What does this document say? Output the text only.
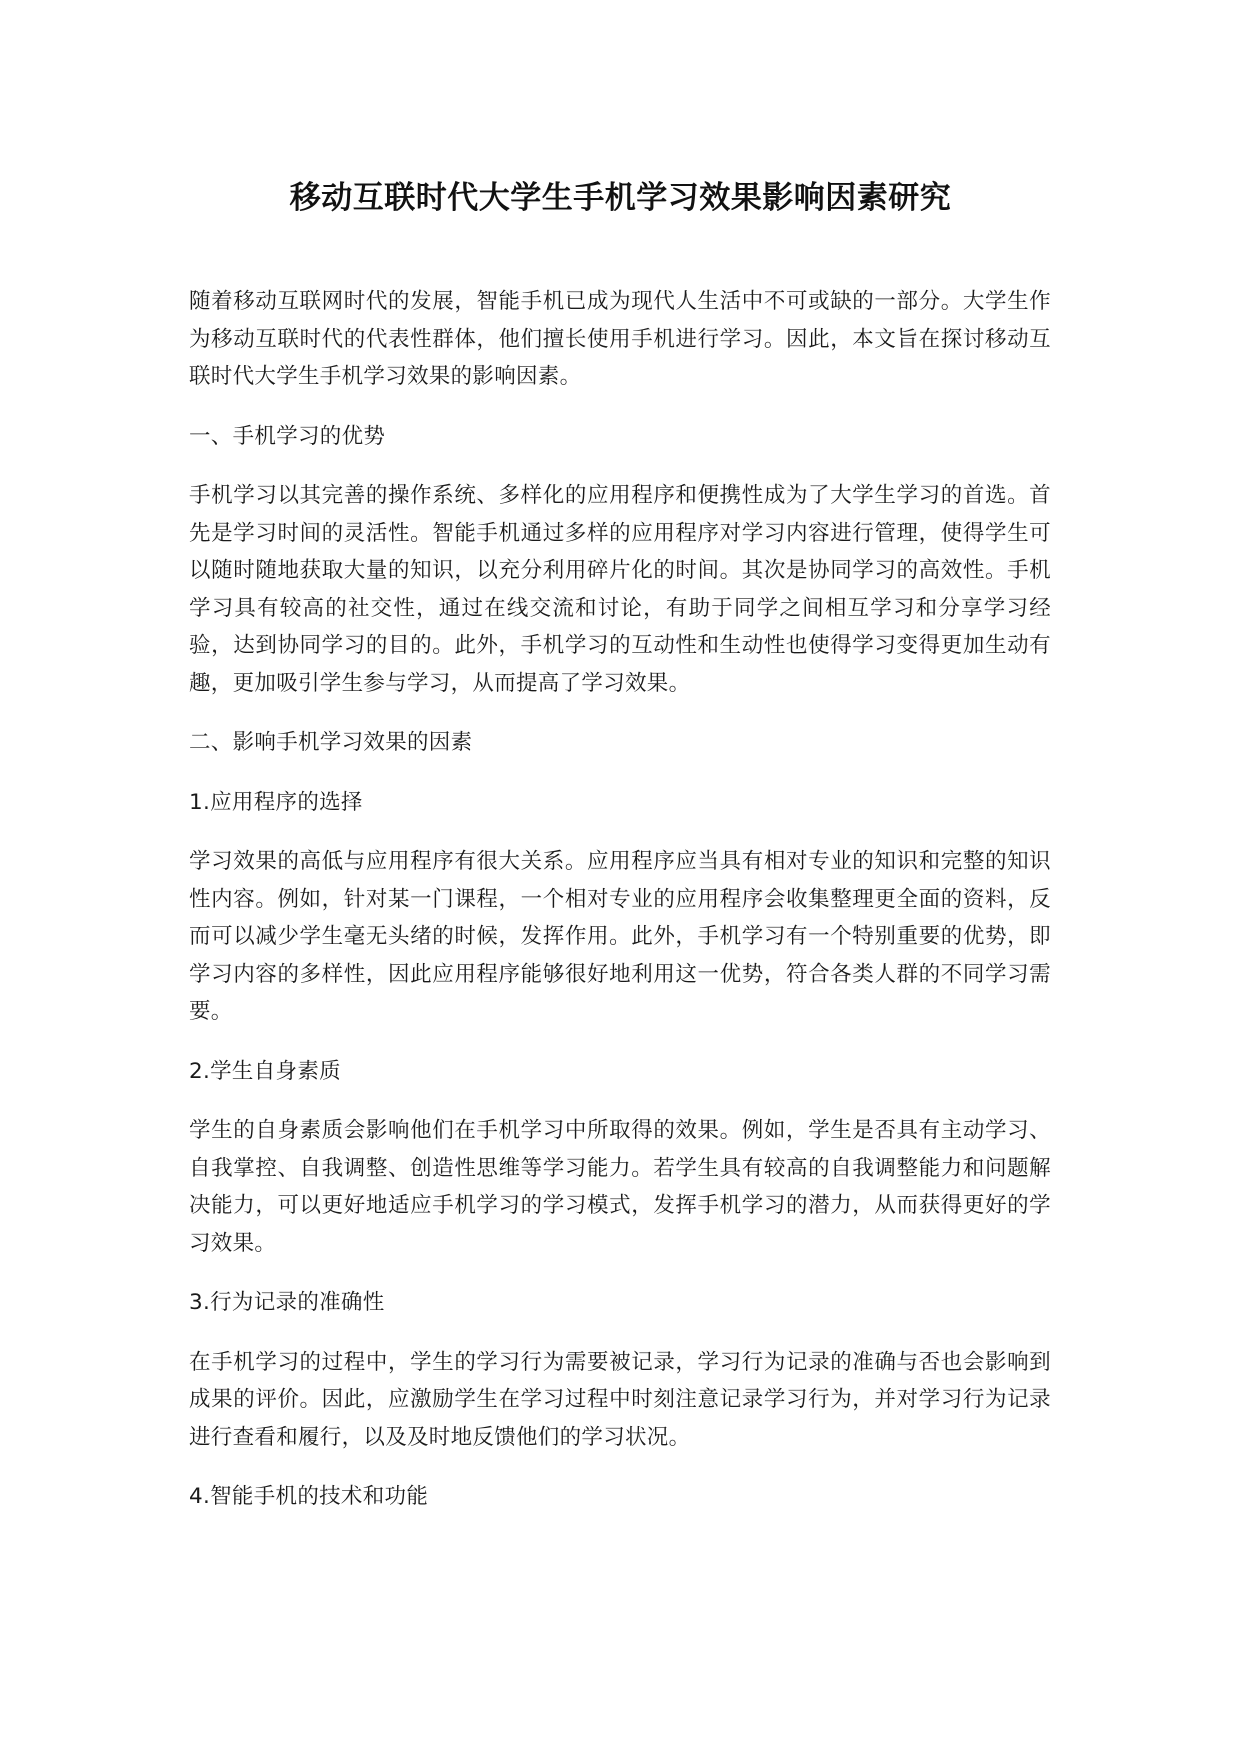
移动互联时代大学生手机学习效果影响因素研究

随着移动互联网时代的发展，智能手机已成为现代人生活中不可或缺的一部分。大学生作为移动互联时代的代表性群体，他们擅长使用手机进行学习。因此，本文旨在探讨移动互联时代大学生手机学习效果的影响因素。

一、手机学习的优势

手机学习以其完善的操作系统、多样化的应用程序和便携性成为了大学生学习的首选。首先是学习时间的灵活性。智能手机通过多样的应用程序对学习内容进行管理，使得学生可以随时随地获取大量的知识，以充分利用碎片化的时间。其次是协同学习的高效性。手机学习具有较高的社交性，通过在线交流和讨论，有助于同学之间相互学习和分享学习经验，达到协同学习的目的。此外，手机学习的互动性和生动性也使得学习变得更加生动有趣，更加吸引学生参与学习，从而提高了学习效果。

二、影响手机学习效果的因素

1.应用程序的选择

学习效果的高低与应用程序有很大关系。应用程序应当具有相对专业的知识和完整的知识性内容。例如，针对某一门课程，一个相对专业的应用程序会收集整理更全面的资料，反而可以减少学生毫无头绪的时候，发挥作用。此外，手机学习有一个特别重要的优势，即学习内容的多样性，因此应用程序能够很好地利用这一优势，符合各类人群的不同学习需要。

2.学生自身素质

学生的自身素质会影响他们在手机学习中所取得的效果。例如，学生是否具有主动学习、自我掌控、自我调整、创造性思维等学习能力。若学生具有较高的自我调整能力和问题解决能力，可以更好地适应手机学习的学习模式，发挥手机学习的潜力，从而获得更好的学习效果。

3.行为记录的准确性

在手机学习的过程中，学生的学习行为需要被记录，学习行为记录的准确与否也会影响到成果的评价。因此，应激励学生在学习过程中时刻注意记录学习行为，并对学习行为记录进行查看和履行，以及及时地反馈他们的学习状况。

4.智能手机的技术和功能
